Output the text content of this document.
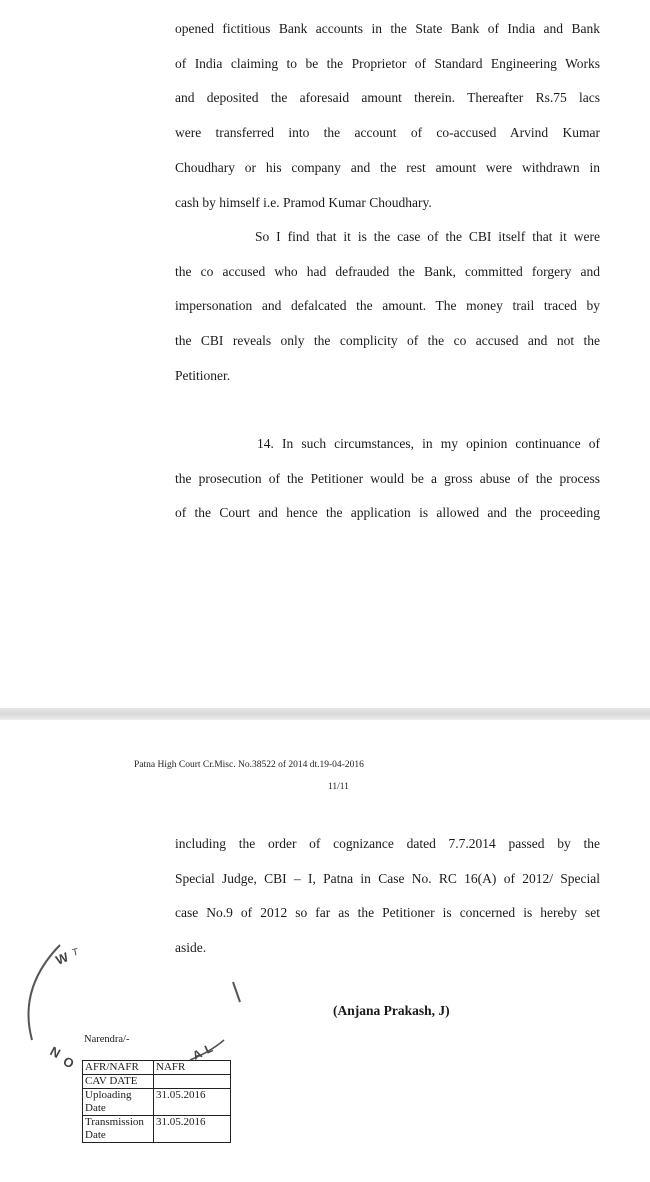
opened fictitious Bank accounts in the State Bank of India and Bank
of India claiming to be the Proprietor of Standard Engineering Works
and deposited the aforesaid amount therein. Thereafter Rs.75 lacs
were transferred into the account of co-accused Arvind Kumar
Choudhary or his company and the rest amount were withdrawn in
cash by himself i.e. Pramod Kumar Choudhary.
So I find that it is the case of the CBI itself that it were
the co accused who had defrauded the Bank, committed forgery and
impersonation and defalcated the amount. The money trail traced by
the CBI reveals only the complicity of the co accused and not the
Petitioner.
14. In such circumstances, in my opinion continuance of
the prosecution of the Petitioner would be a gross abuse of the process
of the Court and hence the application is allowed and the proceeding
Patna High Court Cr.Misc. No.38522 of 2014 dt.19-04-2016
11/11
including the order of cognizance dated 7.7.2014 passed by the
Special Judge, CBI – I, Patna in Case No. RC 16(A) of 2012/ Special
case No.9 of 2012 so far as the Petitioner is concerned is hereby set
aside.
(Anjana Prakash, J)
Narendra/-
AFR/NAFR	NAFR
CAV DATE	
Uploading Date	31.05.2016
Transmission Date	31.05.2016
W T
N
O	A
L
